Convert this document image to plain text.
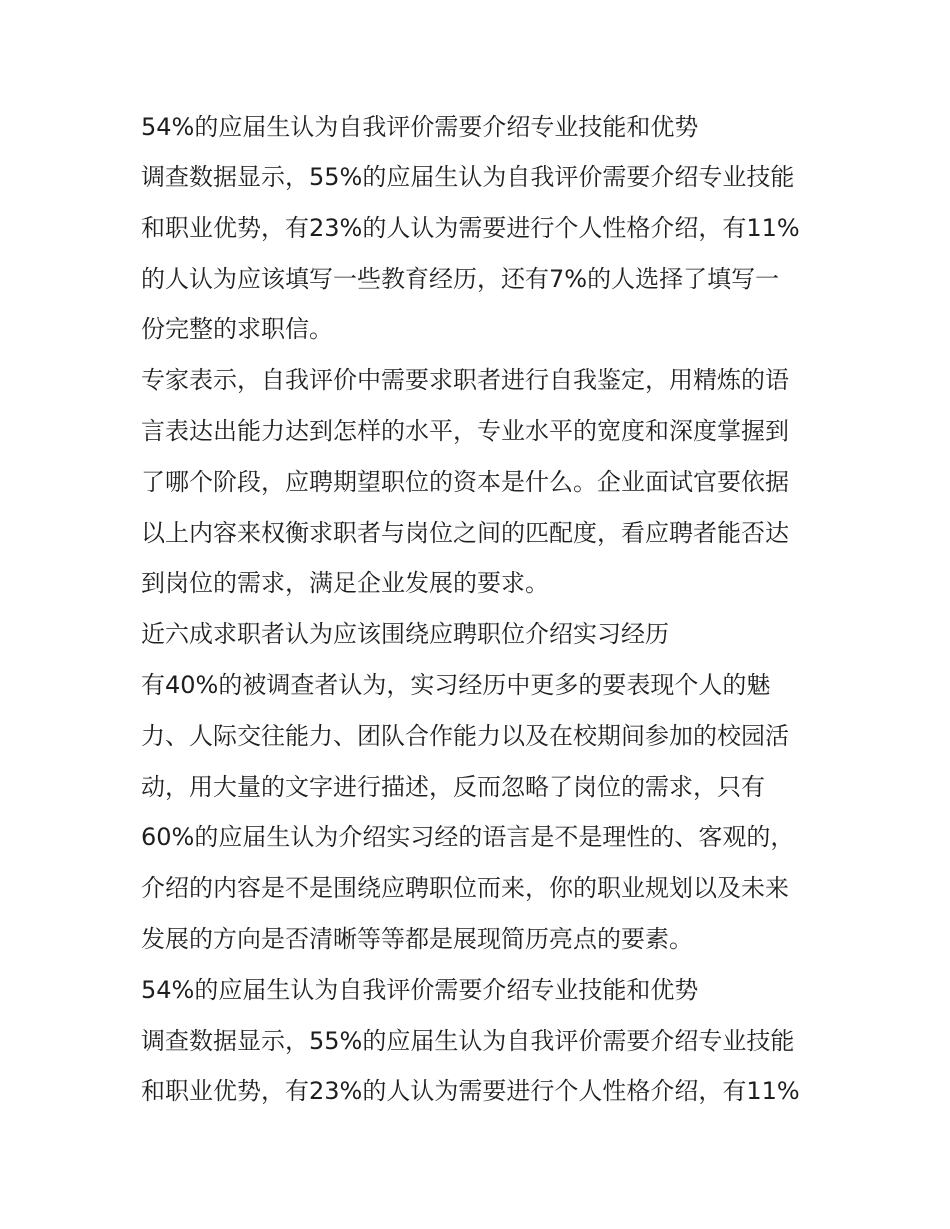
54%的应届生认为自我评价需要介绍专业技能和优势

调查数据显示，55%的应届生认为自我评价需要介绍专业技能

和职业优势，有23%的人认为需要进行个人性格介绍，有11%

的人认为应该填写一些教育经历，还有7%的人选择了填写一

份完整的求职信。

专家表示，自我评价中需要求职者进行自我鉴定，用精炼的语

言表达出能力达到怎样的水平，专业水平的宽度和深度掌握到

了哪个阶段，应聘期望职位的资本是什么。企业面试官要依据

以上内容来权衡求职者与岗位之间的匹配度，看应聘者能否达

到岗位的需求，满足企业发展的要求。

近六成求职者认为应该围绕应聘职位介绍实习经历

有40%的被调查者认为，实习经历中更多的要表现个人的魅

力、人际交往能力、团队合作能力以及在校期间参加的校园活

动，用大量的文字进行描述，反而忽略了岗位的需求，只有

60%的应届生认为介绍实习经的语言是不是理性的、客观的，

介绍的内容是不是围绕应聘职位而来，你的职业规划以及未来

发展的方向是否清晰等等都是展现简历亮点的要素。

54%的应届生认为自我评价需要介绍专业技能和优势

调查数据显示，55%的应届生认为自我评价需要介绍专业技能

和职业优势，有23%的人认为需要进行个人性格介绍，有11%
